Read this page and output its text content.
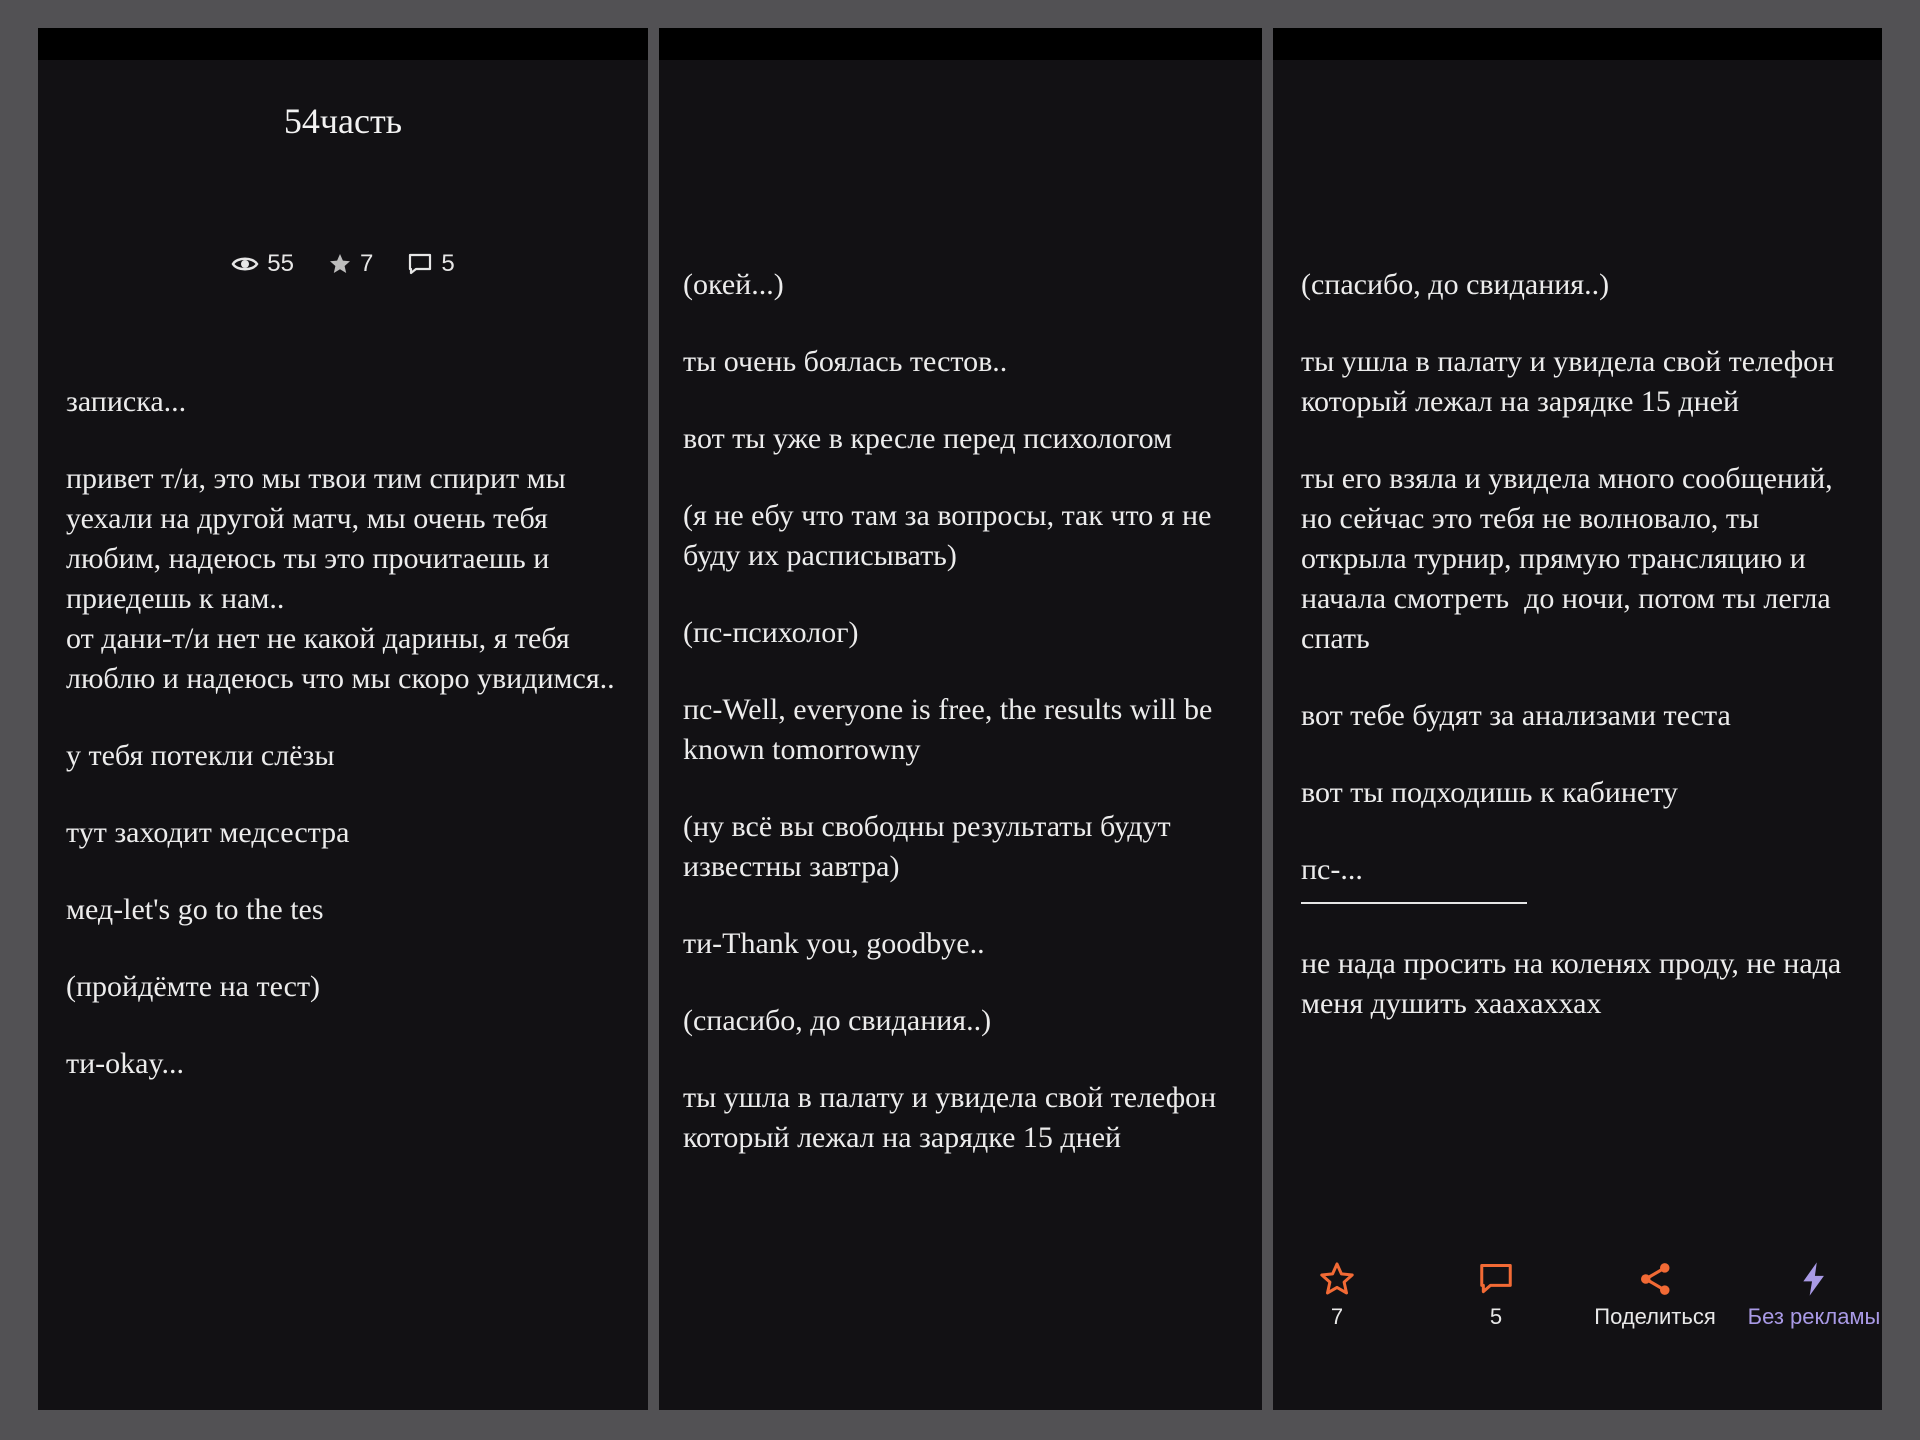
54часть
55	7	5

записка...

привет т/и, это мы твои тим спирит мы уехали на другой матч, мы очень тебя любим, надеюсь ты это прочитаешь и приедешь к нам..
от дани-т/и нет не какой дарины, я тебя люблю и надеюсь что мы скоро увидимся..

у тебя потекли слёзы

тут заходит медсестра

мед-let's go to the tes

(пройдёмте на тест)

ти-okay...

(окей...)

ты очень боялась тестов..

вот ты уже в кресле перед психологом

(я не ебу что там за вопросы, так что я не буду их расписывать)

(пс-психолог)

пс-Well, everyone is free, the results will be known tomorrowny

(ну всё вы свободны результаты будут известны завтра)

ти-Thank you, goodbye..

(спасибо, до свидания..)

ты ушла в палату и увидела свой телефон который лежал на зарядке 15 дней

(спасибо, до свидания..)

ты ушла в палату и увидела свой телефон который лежал на зарядке 15 дней

ты его взяла и увидела много сообщений, но сейчас это тебя не волновало, ты открыла турнир, прямую трансляцию и начала смотреть  до ночи, потом ты легла спать

вот тебе будят за анализами теста

вот ты подходишь к кабинету

пс-...

не нада просить на коленях проду, не нада меня душить хаахаххах

7	5	Поделиться Без рекламы
